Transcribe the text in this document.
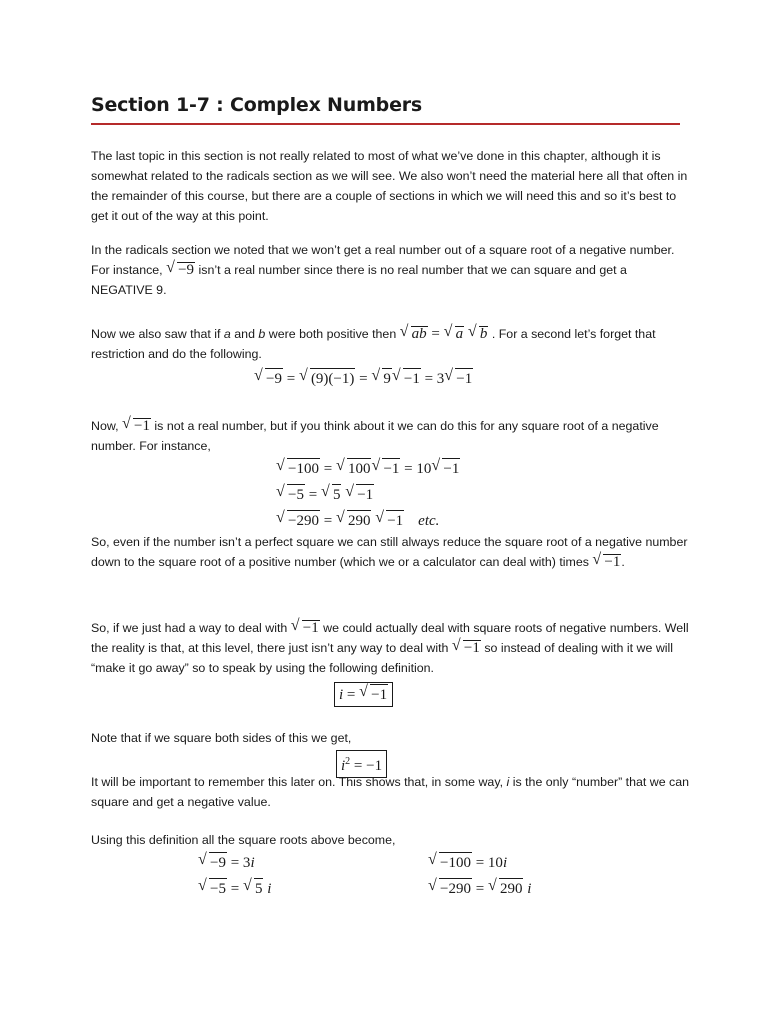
Section 1-7 : Complex Numbers
The last topic in this section is not really related to most of what we’ve done in this chapter, although it is somewhat related to the radicals section as we will see. We also won’t need the material here all that often in the remainder of this course, but there are a couple of sections in which we will need this and so it’s best to get it out of the way at this point.
In the radicals section we noted that we won’t get a real number out of a square root of a negative number. For instance, √ −9 isn’t a real number since there is no real number that we can square and get a NEGATIVE 9.
Now we also saw that if a and b were both positive then √ ab = √ a √ b . For a second let’s forget that restriction and do the following.
√ −9 = √ (9)(−1) = √ 9 √ −1 = 3 √ −1
Now, √ −1 is not a real number, but if you think about it we can do this for any square root of a negative number. For instance,
√ −100 = √ 100 √ −1 = 10 √ −1
√ −5 = √ 5 √ −1
√ −290 = √ 290 √ −1 etc.
So, even if the number isn’t a perfect square we can still always reduce the square root of a negative number down to the square root of a positive number (which we or a calculator can deal with) times √ −1.
So, if we just had a way to deal with √ −1 we could actually deal with square roots of negative numbers. Well the reality is that, at this level, there just isn’t any way to deal with √ −1 so instead of dealing with it we will “make it go away” so to speak by using the following definition.
i = √ −1
Note that if we square both sides of this we get,
$i^2 = -1$
It will be important to remember this later on. This shows that, in some way, i is the only “number” that we can square and get a negative value.
Using this definition all the square roots above become,
√ −9 = 3i	√ −100 = 10i
√ −5 = √ 5 i	√ −290 = √ 290 i
